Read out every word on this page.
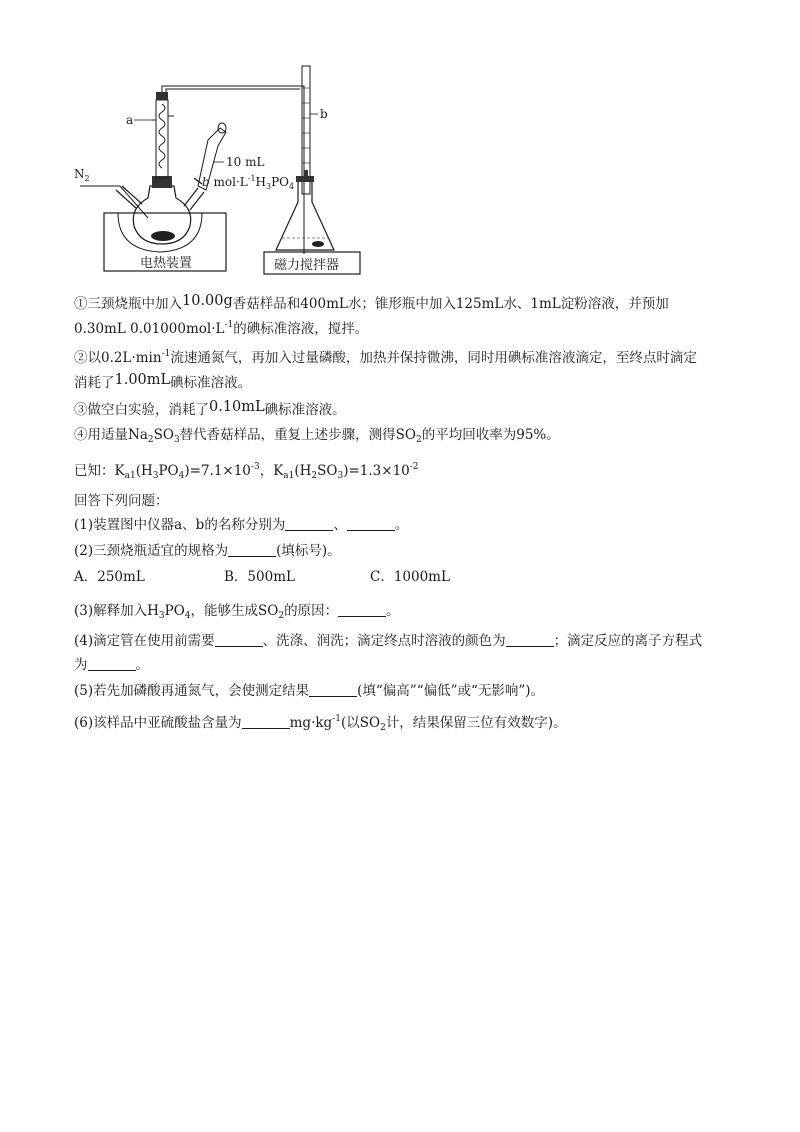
电热装置
$N_2$
a
10 mL
b $mol\cdot L^{-1}H_3PO_4$
b
磁力搅拌器
①三颈烧瓶中加入10.00g香菇样品和400mL水；锥形瓶中加入125mL水、1mL淀粉溶液，并预加
0.30mL $0.01000mol\cdot L^{-1}$的碘标准溶液，搅拌。
②以$0.2L\cdot\min^{-1}$流速通氮气，再加入过量磷酸，加热并保持微沸，同时用碘标准溶液滴定，至终点时滴定
消耗了1.00mL碘标准溶液。
③做空白实验，消耗了0.10mL碘标准溶液。
④用适量$Na_2SO_3$替代香菇样品，重复上述步骤，测得$SO_2$的平均回收率为95%。
已知：$K_{a1}(H_3PO_4)=7.1\times 10^{-3}$，$K_{a1}(H_2SO_3)=1.3\times 10^{-2}$
回答下列问题：
(1)装置图中仪器a、b的名称分别为	、	。
(2)三颈烧瓶适宜的规格为	(填标号)。
A．250mL	B．500mL	C．1000mL
(3)解释加入$H_3PO_4$，能够生成$SO_2$的原因：	。
(4)滴定管在使用前需要	、洗涤、润洗；滴定终点时溶液的颜色为	；滴定反应的离子方程式
为	。
(5)若先加磷酸再通氮气，会使测定结果	(填“偏高”“偏低”或“无影响”)。
(6)该样品中亚硫酸盐含量为	$mg\cdot kg^{-1}$(以$SO_2$计，结果保留三位有效数字)。
